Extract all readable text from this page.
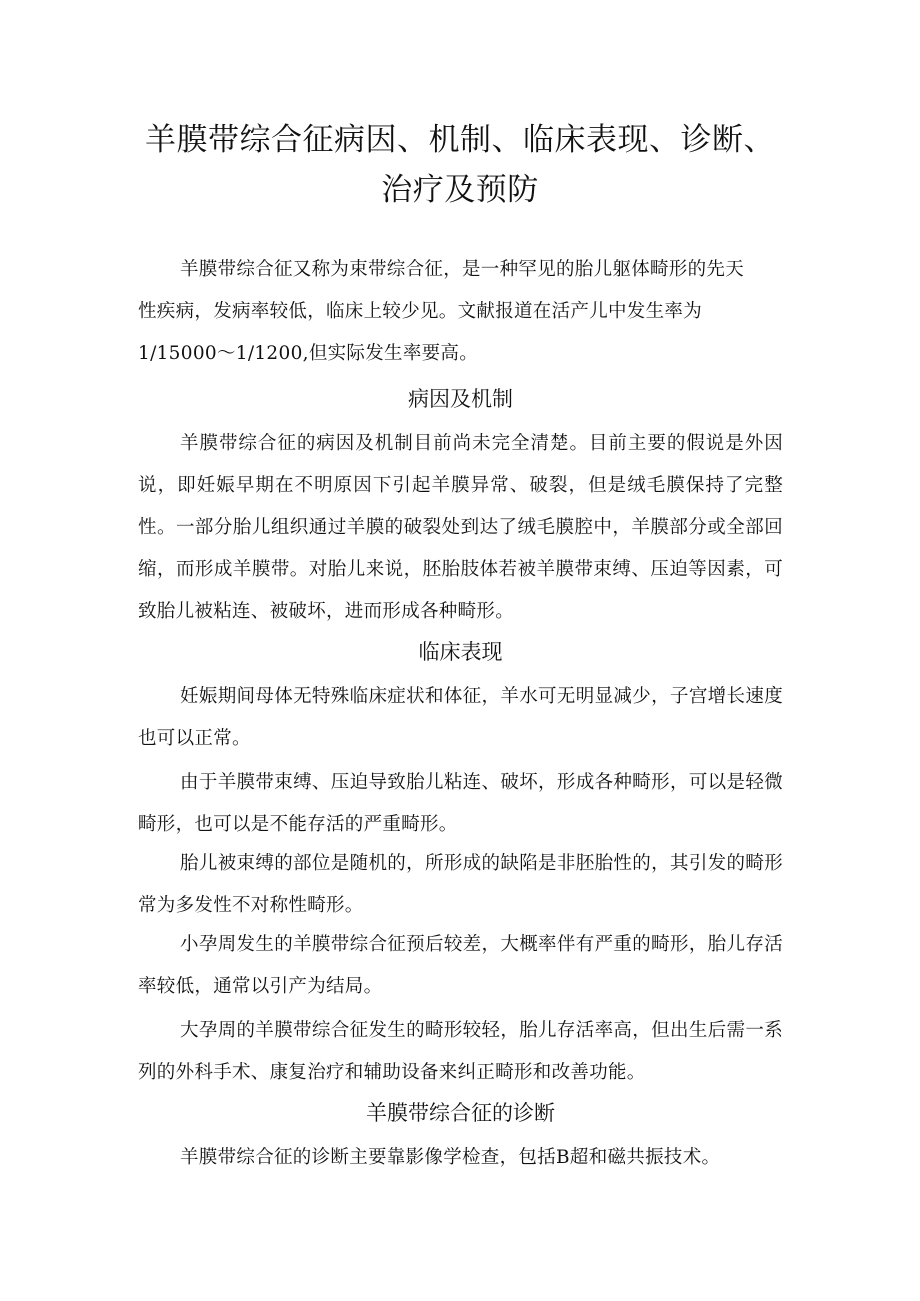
羊膜带综合征病因、机制、临床表现、诊断、
治疗及预防

羊膜带综合征又称为束带综合征，是一种罕见的胎儿躯体畸形的先天

性疾病，发病率较低，临床上较少见。文献报道在活产儿中发生率为

1/15000～1/1200,但实际发生率要高。

病因及机制

羊膜带综合征的病因及机制目前尚未完全清楚。目前主要的假说是外因说，即妊娠早期在不明原因下引起羊膜异常、破裂，但是绒毛膜保持了完整性。一部分胎儿组织通过羊膜的破裂处到达了绒毛膜腔中，羊膜部分或全部回缩，而形成羊膜带。对胎儿来说，胚胎肢体若被羊膜带束缚、压迫等因素，可致胎儿被粘连、被破坏，进而形成各种畸形。

临床表现

妊娠期间母体无特殊临床症状和体征，羊水可无明显减少，子宫增长速度也可以正常。

由于羊膜带束缚、压迫导致胎儿粘连、破坏，形成各种畸形，可以是轻微畸形，也可以是不能存活的严重畸形。

胎儿被束缚的部位是随机的，所形成的缺陷是非胚胎性的，其引发的畸形常为多发性不对称性畸形。

小孕周发生的羊膜带综合征预后较差，大概率伴有严重的畸形，胎儿存活率较低，通常以引产为结局。

大孕周的羊膜带综合征发生的畸形较轻，胎儿存活率高，但出生后需一系列的外科手术、康复治疗和辅助设备来纠正畸形和改善功能。

羊膜带综合征的诊断

羊膜带综合征的诊断主要靠影像学检查，包括B超和磁共振技术。
